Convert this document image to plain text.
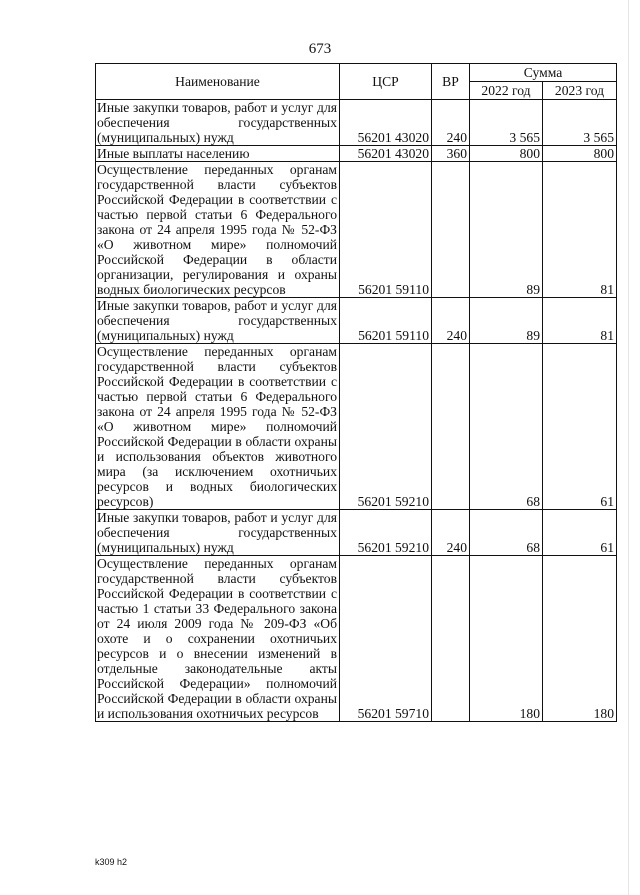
673
Наименование	ЦСР	ВР	Сумма	
			2022 год	2023 год
Иные закупки товаров, работ и услуг для обеспечения государственных (муниципальных) нужд	56201 43020	240	3 565	3 565
Иные выплаты населению	56201 43020	360	800	800
Осуществление переданных органам государственной власти субъектов Российской Федерации в соответствии с частью первой статьи 6 Федерального закона от 24 апреля 1995 года № 52-ФЗ «О животном мире» полномочий Российской Федерации в области организации, регулирования и охраны водных биологических ресурсов	56201 59110		89	81
Иные закупки товаров, работ и услуг для обеспечения государственных (муниципальных) нужд	56201 59110	240	89	81
Осуществление переданных органам государственной власти субъектов Российской Федерации в соответствии с частью первой статьи 6 Федерального закона от 24 апреля 1995 года № 52-ФЗ «О животном мире» полномочий Российской Федерации в области охраны и использования объектов животного мира (за исключением охотничьих ресурсов и водных биологических ресурсов)	56201 59210		68	61
Иные закупки товаров, работ и услуг для обеспечения государственных (муниципальных) нужд	56201 59210	240	68	61
Осуществление переданных органам государственной власти субъектов Российской Федерации в соответствии с частью 1 статьи 33 Федерального закона от 24 июля 2009 года № 209-ФЗ «Об охоте и о сохранении охотничьих ресурсов и о внесении изменений в отдельные законодательные акты Российской Федерации» полномочий Российской Федерации в области охраны и использования охотничьих ресурсов	56201 59710		180	180
k309 h2
